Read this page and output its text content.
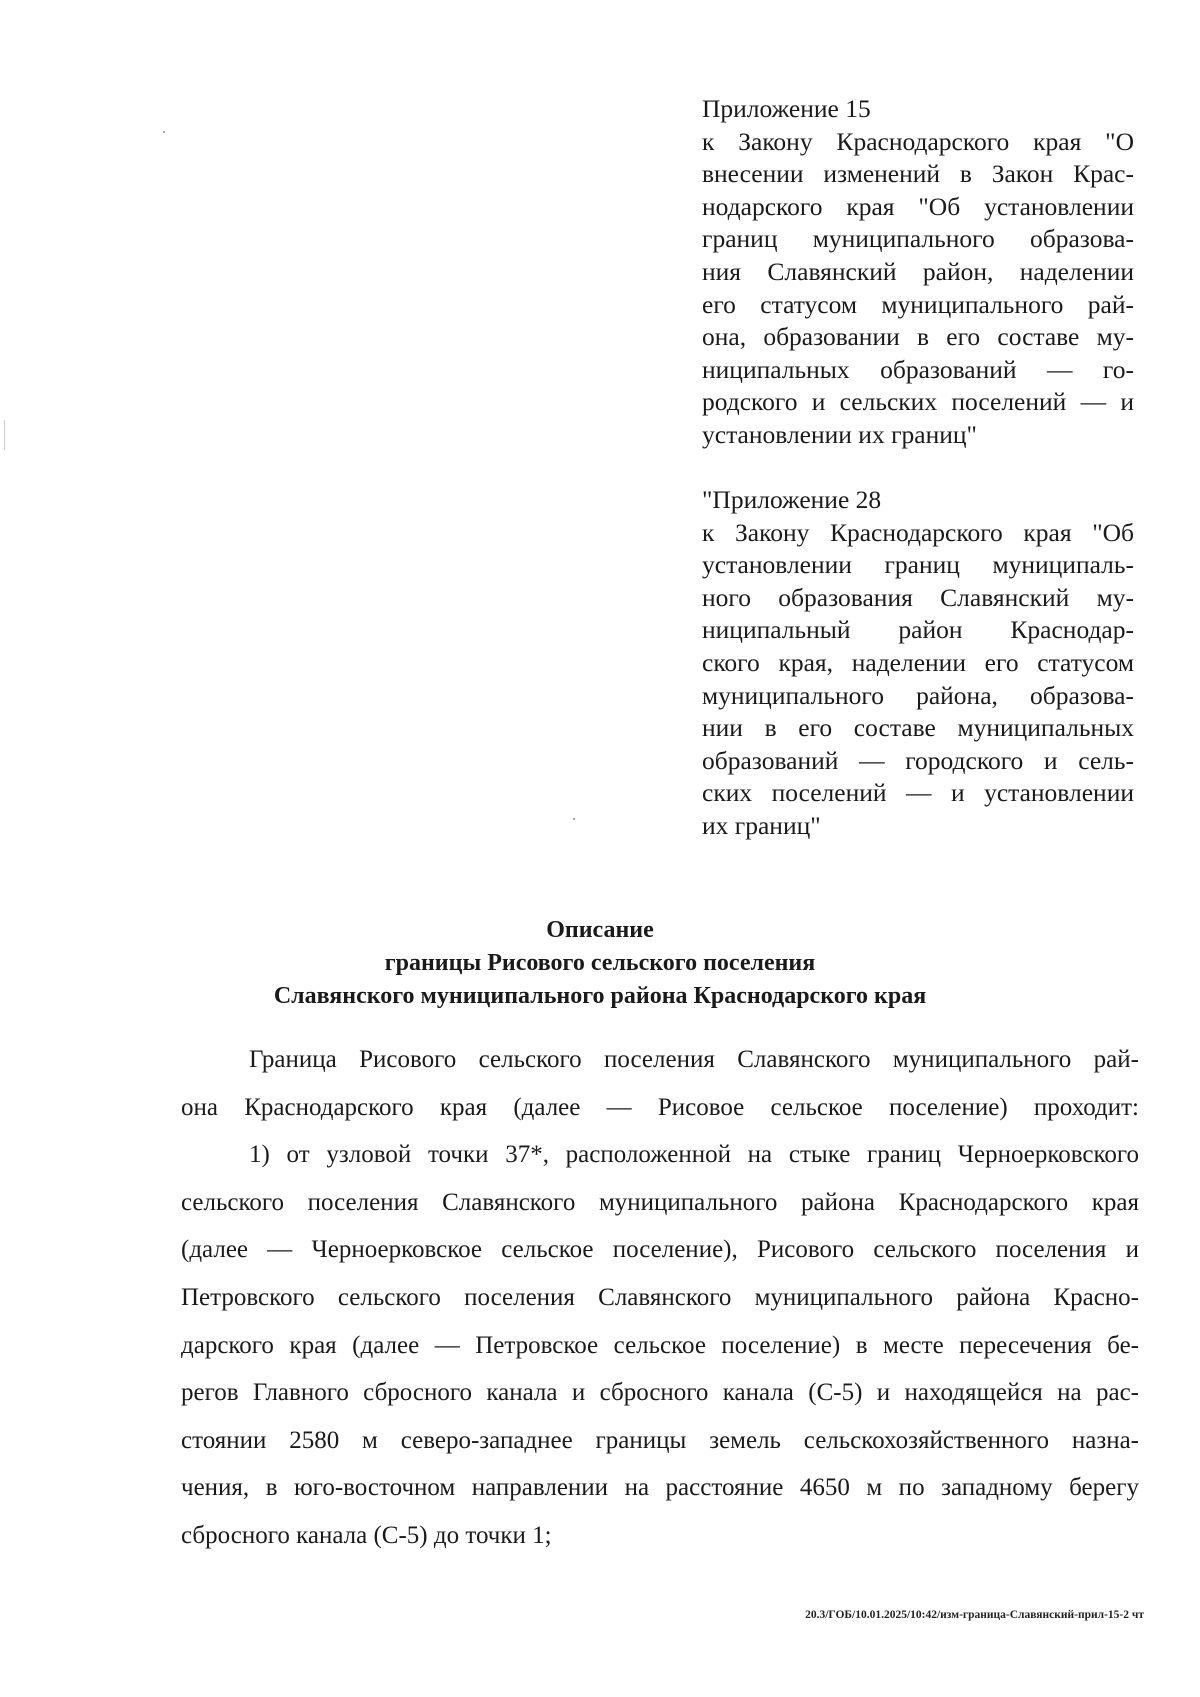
Приложение 15
к Закону Краснодарского края "О
внесении изменений в Закон Крас-
нодарского края "Об установлении
границ муниципального образова-
ния Славянский район, наделении
его статусом муниципального рай-
она, образовании в его составе му-
ниципальных образований — го-
родского и сельских поселений — и
установлении их границ"
"Приложение 28
к Закону Краснодарского края "Об
установлении границ муниципаль-
ного образования Славянский му-
ниципальный район Краснодар-
ского края, наделении его статусом
муниципального района, образова-
нии в его составе муниципальных
образований — городского и сель-
ских поселений — и установлении
их границ"
Описание
границы Рисового сельского поселения
Славянского муниципального района Краснодарского края
Граница Рисового сельского поселения Славянского муниципального рай-
она Краснодарского края (далее — Рисовое сельское поселение) проходит:
1) от узловой точки 37*, расположенной на стыке границ Черноерковского
сельского поселения Славянского муниципального района Краснодарского края
(далее — Черноерковское сельское поселение), Рисового сельского поселения и
Петровского сельского поселения Славянского муниципального района Красно-
дарского края (далее — Петровское сельское поселение) в месте пересечения бе-
регов Главного сбросного канала и сбросного канала (С-5) и находящейся на рас-
стоянии 2580 м северо-западнее границы земель сельскохозяйственного назна-
чения, в юго-восточном направлении на расстояние 4650 м по западному берегу
сбросного канала (С-5) до точки 1;
20.3/ГОБ/10.01.2025/10:42/изм-граница-Славянский-прил-15-2 чт
